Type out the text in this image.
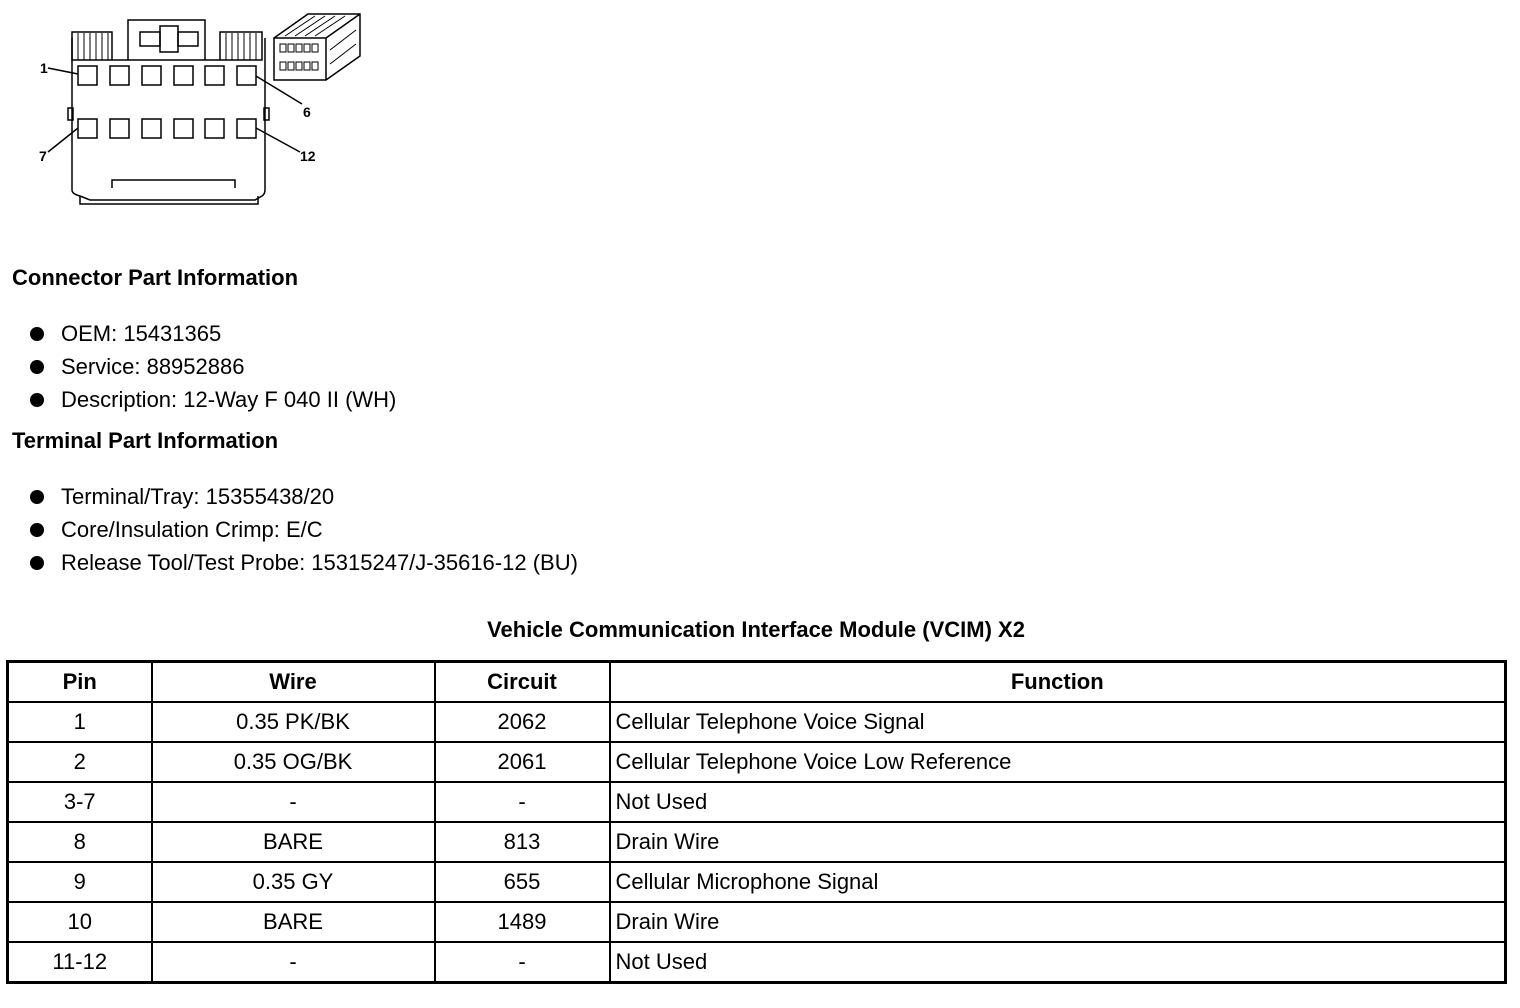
1
6
7	12
Connector Part Information
OEM: 15431365
Service: 88952886
Description: 12-Way F 040 II (WH)
Terminal Part Information
Terminal/Tray: 15355438/20
Core/Insulation Crimp: E/C
Release Tool/Test Probe: 15315247/J-35616-12 (BU)
Vehicle Communication Interface Module (VCIM) X2
Pin	Wire	Circuit	Function
1	0.35 PK/BK	2062	Cellular Telephone Voice Signal
2	0.35 OG/BK	2061	Cellular Telephone Voice Low Reference
3-7	-	-	Not Used
8	BARE	813	Drain Wire
9	0.35 GY	655	Cellular Microphone Signal
10	BARE	1489	Drain Wire
11-12	-	-	Not Used
